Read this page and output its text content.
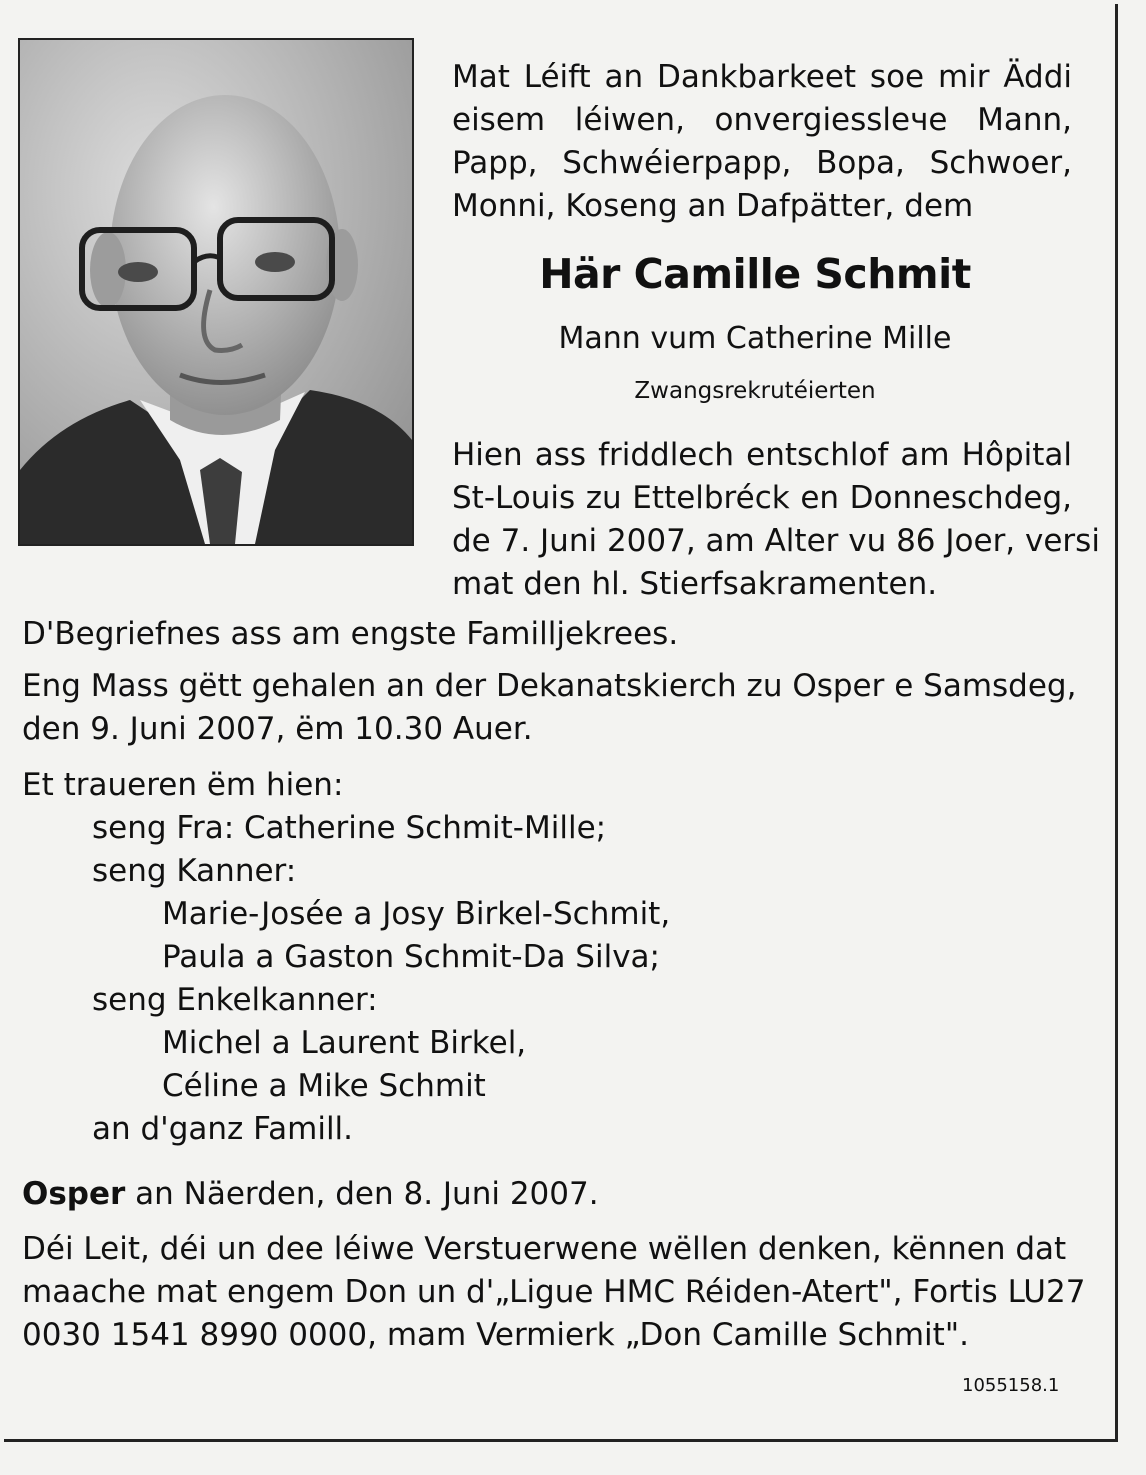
Mat Léift an Dankbarkeet soe mir Äddi
eisem léiwen, onvergiesslече Mann,
Papp, Schwéierpapp, Bopa, Schwoer,
Monni, Koseng an Dafpätter, dem
Här Camille Schmit
Mann vum Catherine Mille
Zwangsrekrutéierten
Hien ass friddlech entschlof am Hôpital
St-Louis zu Ettelbréck en Donneschdeg,
de 7. Juni 2007, am Alter vu 86 Joer, versi
mat den hl. Stierfsakramenten.
D'Begriefnes ass am engste Familljekrees.
Eng Mass gëtt gehalen an der Dekanatskierch zu Osper e Samsdeg,
den 9. Juni 2007, ëm 10.30 Auer.
Et traueren ëm hien:
seng Fra: Catherine Schmit-Mille;
seng Kanner:
Marie-Josée a Josy Birkel-Schmit,
Paula a Gaston Schmit-Da Silva;
seng Enkelkanner:
Michel a Laurent Birkel,
Céline a Mike Schmit
an d'ganz Famill.
Osper an Näerden, den 8. Juni 2007.
Déi Leit, déi un dee léiwe Verstuerwene wëllen denken, kënnen dat
maache mat engem Don un d'„Ligue HMC Réiden-Atert", Fortis LU27
0030 1541 8990 0000, mam Vermierk „Don Camille Schmit".
1055158.1
